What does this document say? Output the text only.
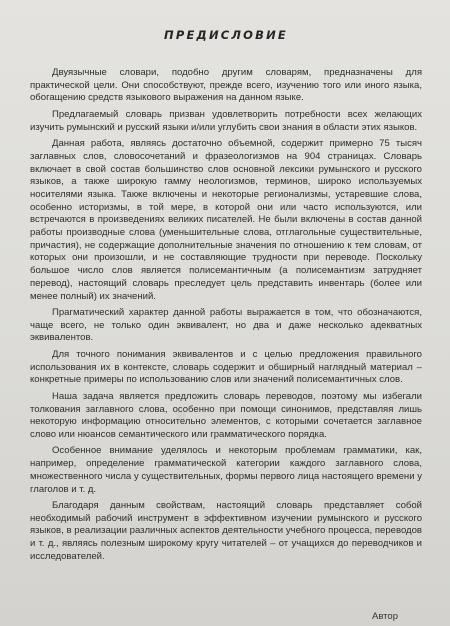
ПРЕДИСЛОВИЕ

Двуязычные словари, подобно другим словарям, предназначены для практической цели. Они способствуют, прежде всего, изучению того или иного языка, обогащению средств языкового выражения на данном языке.

Предлагаемый словарь призван удовлетворить потребности всех желающих изучить румынский и русский языки и/или углубить свои знания в области этих языков.

Данная работа, являясь достаточно объемной, содержит примерно 75 тысяч заглавных слов, словосочетаний и фразеологизмов на 904 страницах. Словарь включает в свой состав большинство слов основной лексики румынского и русского языков, а также широкую гамму неологизмов, терминов, широко используемых носителями языка. Также включены и некоторые регионализмы, устаревшие слова, особенно историзмы, в той мере, в которой они или часто используются, или встречаются в произведениях великих писателей. Не были включены в состав данной работы производные слова (уменьшительные слова, отглагольные существительные, причастия), не содержащие дополнительные значения по отношению к тем словам, от которых они произошли, и не составляющие трудности при переводе. Поскольку большое число слов является полисемантичным (а полисемантизм затрудняет перевод), настоящий словарь преследует цель представить инвентарь (более или менее полный) их значений.

Прагматический характер данной работы выражается в том, что обозначаются, чаще всего, не только один эквивалент, но два и даже несколько адекватных эквивалентов.

Для точного понимания эквивалентов и с целью предложения правильного использования их в контексте, словарь содержит и обширный наглядный материал – конкретные примеры по использованию слов или значений полисемантичных слов.

Наша задача является предложить словарь переводов, поэтому мы избегали толкования заглавного слова, особенно при помощи синонимов, представляя лишь некоторую информацию относительно элементов, с которыми сочетается заглавное слово или нюансов семантического или грамматического порядка.

Особенное внимание уделялось и некоторым проблемам грамматики, как, например, определение грамматической категории каждого заглавного слова, множественного числа у существительных, формы первого лица настоящего времени у глаголов и т. д.

Благодаря данным свойствам, настоящий словарь представляет собой необходимый рабочий инструмент в эффективном изучении румынского и русского языков, в реализации различных аспектов деятельности учебного процесса, переводов и т. д., являясь полезным широкому кругу читателей – от учащихся до переводчиков и исследователей.

Автор
✦ ✦ ✦
